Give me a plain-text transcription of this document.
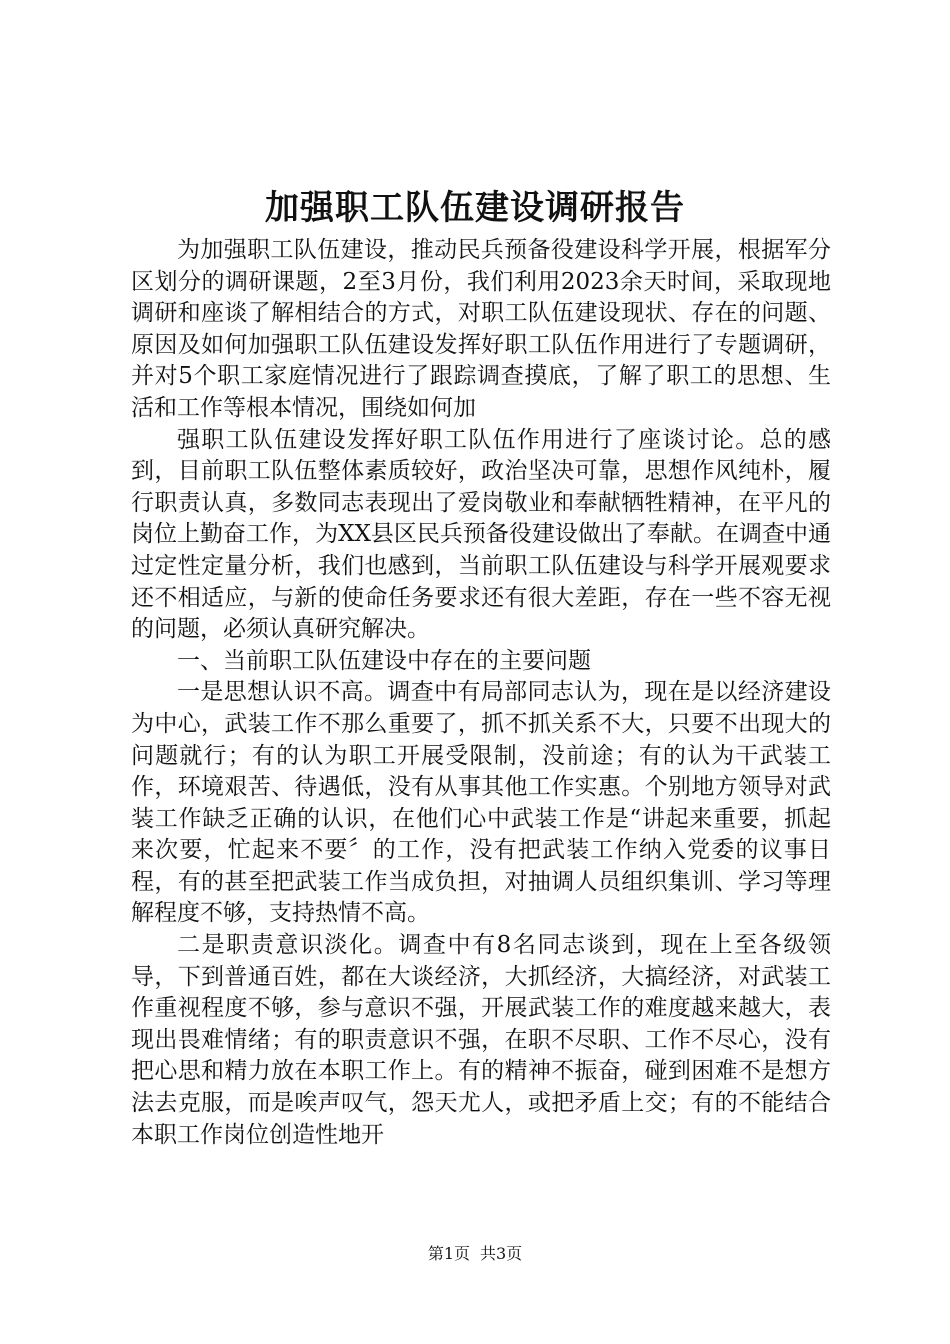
加强职工队伍建设调研报告

为加强职工队伍建设，推动民兵预备役建设科学开展，根据军分区划分的调研课题，2至3月份，我们利用2023余天时间，采取现地调研和座谈了解相结合的方式，对职工队伍建设现状、存在的问题、原因及如何加强职工队伍建设发挥好职工队伍作用进行了专题调研，并对5个职工家庭情况进行了跟踪调查摸底，了解了职工的思想、生活和工作等根本情况，围绕如何加

强职工队伍建设发挥好职工队伍作用进行了座谈讨论。总的感到，目前职工队伍整体素质较好，政治坚决可靠，思想作风纯朴，履行职责认真，多数同志表现出了爱岗敬业和奉献牺牲精神，在平凡的岗位上勤奋工作，为XX县区民兵预备役建设做出了奉献。在调查中通过定性定量分析，我们也感到，当前职工队伍建设与科学开展观要求还不相适应，与新的使命任务要求还有很大差距，存在一些不容无视的问题，必须认真研究解决。

一、当前职工队伍建设中存在的主要问题

一是思想认识不高。调查中有局部同志认为，现在是以经济建设为中心，武装工作不那么重要了，抓不抓关系不大，只要不出现大的问题就行；有的认为职工开展受限制，没前途；有的认为干武装工作，环境艰苦、待遇低，没有从事其他工作实惠。个别地方领导对武装工作缺乏正确的认识，在他们心中武装工作是“讲起来重要，抓起来次要，忙起来不要〞的工作，没有把武装工作纳入党委的议事日程，有的甚至把武装工作当成负担，对抽调人员组织集训、学习等理解程度不够，支持热情不高。

二是职责意识淡化。调查中有8名同志谈到，现在上至各级领导，下到普通百姓，都在大谈经济，大抓经济，大搞经济，对武装工作重视程度不够，参与意识不强，开展武装工作的难度越来越大，表现出畏难情绪；有的职责意识不强，在职不尽职、工作不尽心，没有把心思和精力放在本职工作上。有的精神不振奋，碰到困难不是想方法去克服，而是唉声叹气，怨天尤人，或把矛盾上交；有的不能结合本职工作岗位创造性地开

第1页 共3页
